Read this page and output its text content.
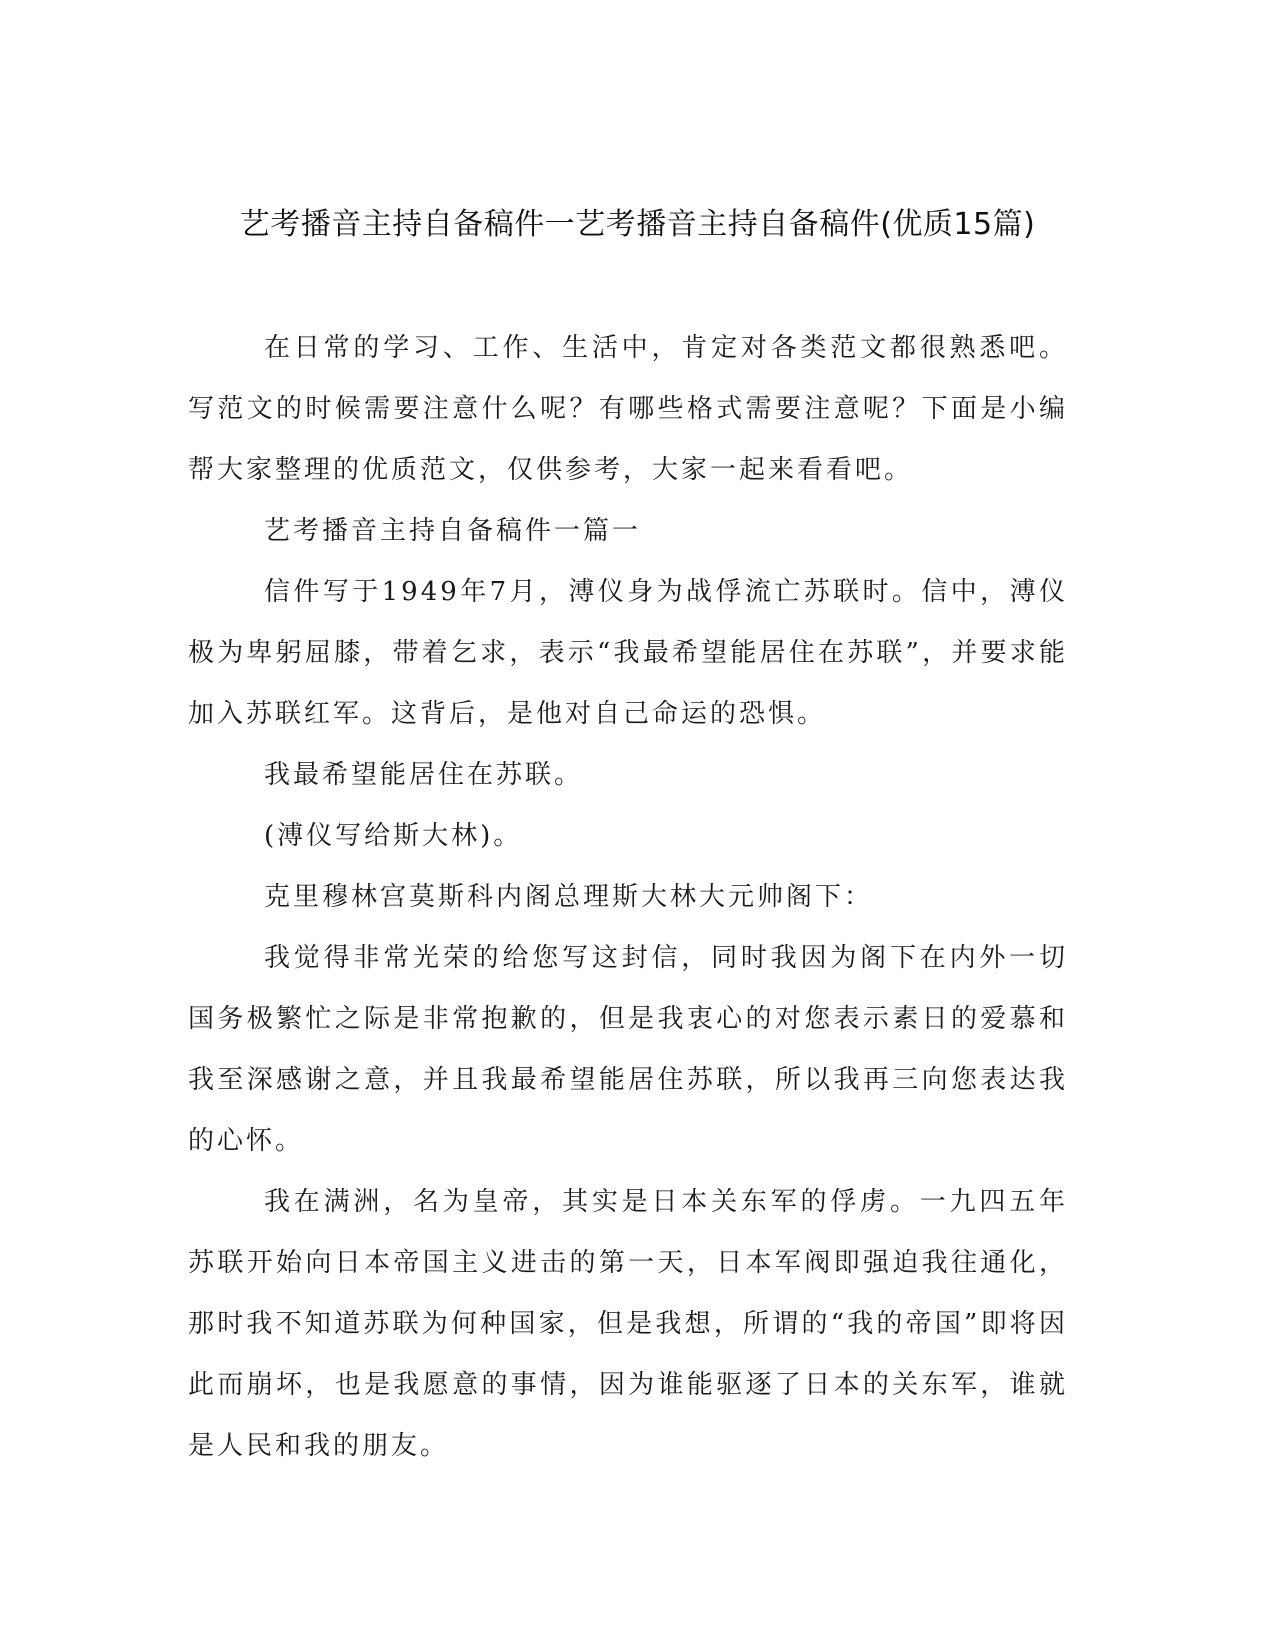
艺考播音主持自备稿件一艺考播音主持自备稿件(优质15篇)

在日常的学习、工作、生活中，肯定对各类范文都很熟悉吧。写范文的时候需要注意什么呢？有哪些格式需要注意呢？下面是小编帮大家整理的优质范文，仅供参考，大家一起来看看吧。

艺考播音主持自备稿件一篇一

信件写于1949年7月，溥仪身为战俘流亡苏联时。信中，溥仪极为卑躬屈膝，带着乞求，表示“我最希望能居住在苏联”，并要求能加入苏联红军。这背后，是他对自己命运的恐惧。

我最希望能居住在苏联。

(溥仪写给斯大林)。

克里穆林宫莫斯科内阁总理斯大林大元帅阁下：

我觉得非常光荣的给您写这封信，同时我因为阁下在内外一切国务极繁忙之际是非常抱歉的，但是我衷心的对您表示素日的爱慕和我至深感谢之意，并且我最希望能居住苏联，所以我再三向您表达我的心怀。

我在满洲，名为皇帝，其实是日本关东军的俘虏。一九四五年苏联开始向日本帝国主义进击的第一天，日本军阀即强迫我往通化，那时我不知道苏联为何种国家，但是我想，所谓的“我的帝国”即将因此而崩坏，也是我愿意的事情，因为谁能驱逐了日本的关东军，谁就是人民和我的朋友。
